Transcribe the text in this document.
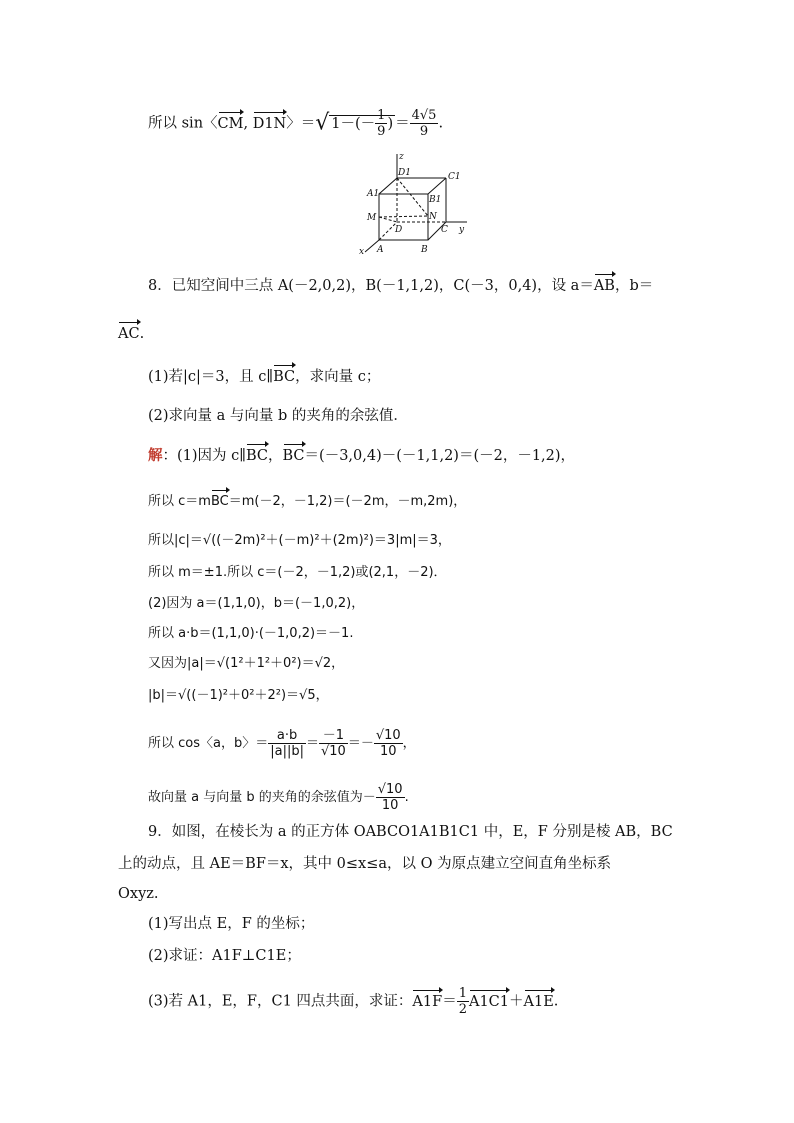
所以 sin〈CM, D1N〉＝√ $1-(- \frac{1}{9}$ ) ＝ $\frac{4√5}{9}$ .
z
D1	C1
A1
B1
M	N
D	C y
x A	B
8．已知空间中三点 A(－2,0,2)，B(－1,1,2)，C(－3，0,4)，设 a＝AB，b＝
AC.
(1)若|c|＝3，且 c∥BC，求向量 c；
(2)求向量 a 与向量 b 的夹角的余弦值．
解：(1)因为 c∥BC，BC＝(－3,0,4)－(－1,1,2)＝(－2，－1,2)，
所以 c＝mBC＝m(－2，－1,2)＝(－2m，－m,2m)，
所以|c|＝√((－2m)²＋(－m)²＋(2m)²)＝3|m|＝3，
所以 m＝±1.所以 c＝(－2，－1,2)或(2,1，－2)．
(2)因为 a＝(1,1,0)，b＝(－1,0,2)，
所以 a·b＝(1,1,0)·(－1,0,2)＝－1.
又因为|a|＝√(1²＋1²＋0²)＝√2，
|b|＝√((－1)²＋0²＋2²)＝√5，
所以 cos〈a，b〉＝ $\frac{a\cdot b}{|a||b|} = \frac{-1}{√10} =- \frac{√10}{10}$ ，
故向量 a 与向量 b 的夹角的余弦值为－ $\frac{√10}{10}$ .
9．如图，在棱长为 a 的正方体 OABCO1A1B1C1 中，E，F 分别是棱 AB，BC
上的动点，且 AE＝BF＝x，其中 0≤x≤a，以 O 为原点建立空间直角坐标系
Oxyz.
(1)写出点 E，F 的坐标；
(2)求证：A1F⊥C1E；
(3)若 A1，E，F，C1 四点共面，求证：$A1F= \frac{1}{2} A1C1+A1E$.
